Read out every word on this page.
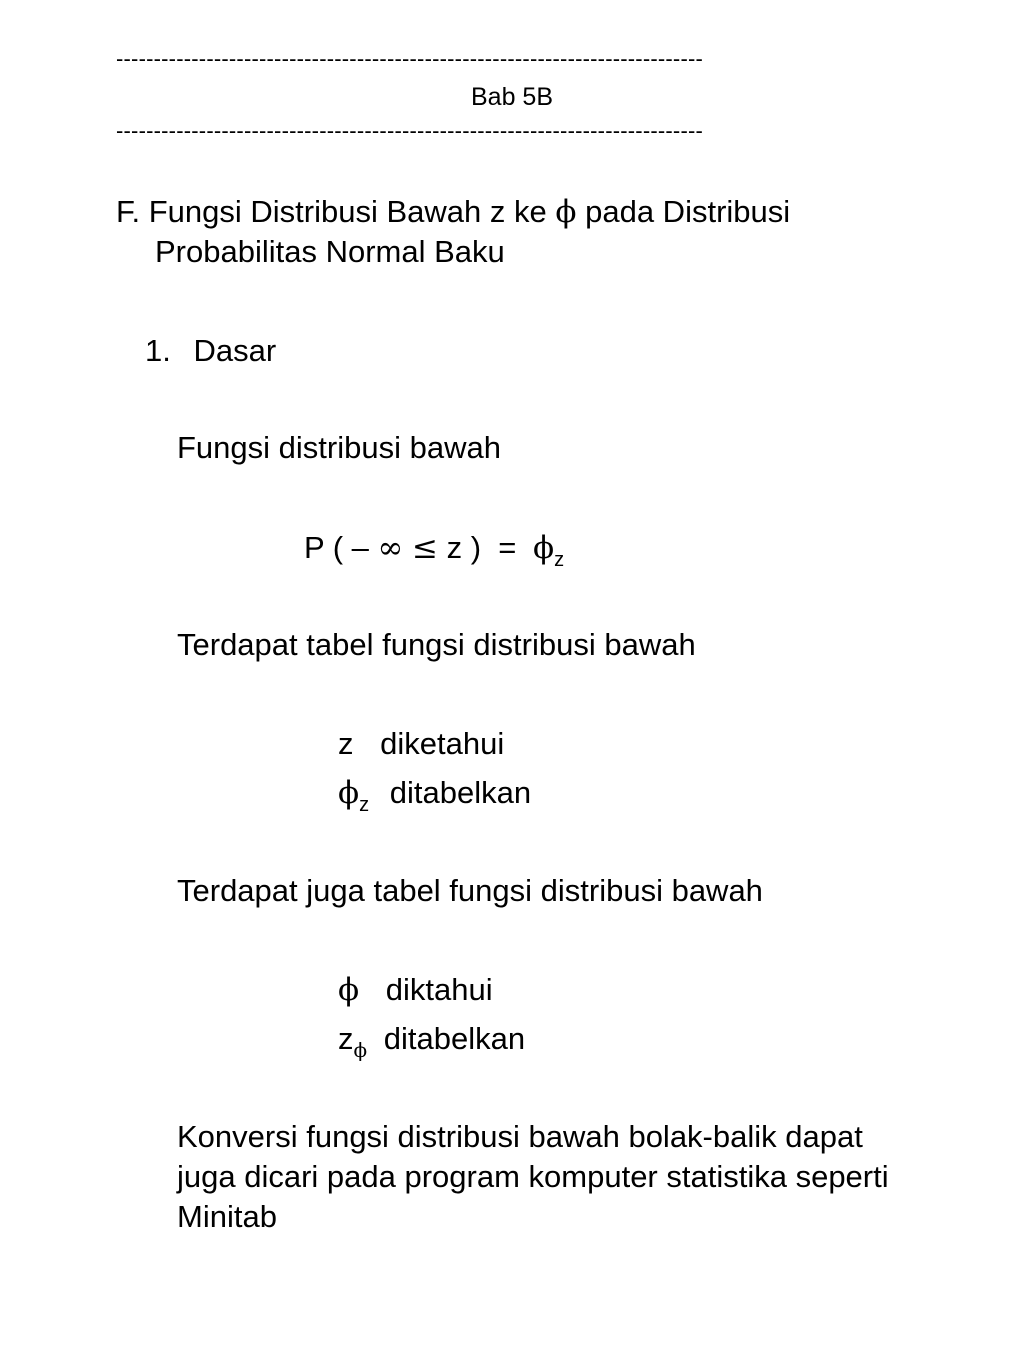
------------------------------------------------------------------------------
Bab 5B
------------------------------------------------------------------------------
F. Fungsi Distribusi Bawah z ke ϕ pada Distribusi
Probabilitas Normal Baku
1. Dasar
Fungsi distribusi bawah
P ( – ∞ ≤ z )  = $\phi_z$
Terdapat tabel fungsi distribusi bawah
z diketahui
$\phi_z$ ditabelkan
Terdapat juga tabel fungsi distribusi bawah
ϕ diktahui
$z_\phi$ ditabelkan
Konversi fungsi distribusi bawah bolak-balik dapat
juga dicari pada program komputer statistika seperti
Minitab
